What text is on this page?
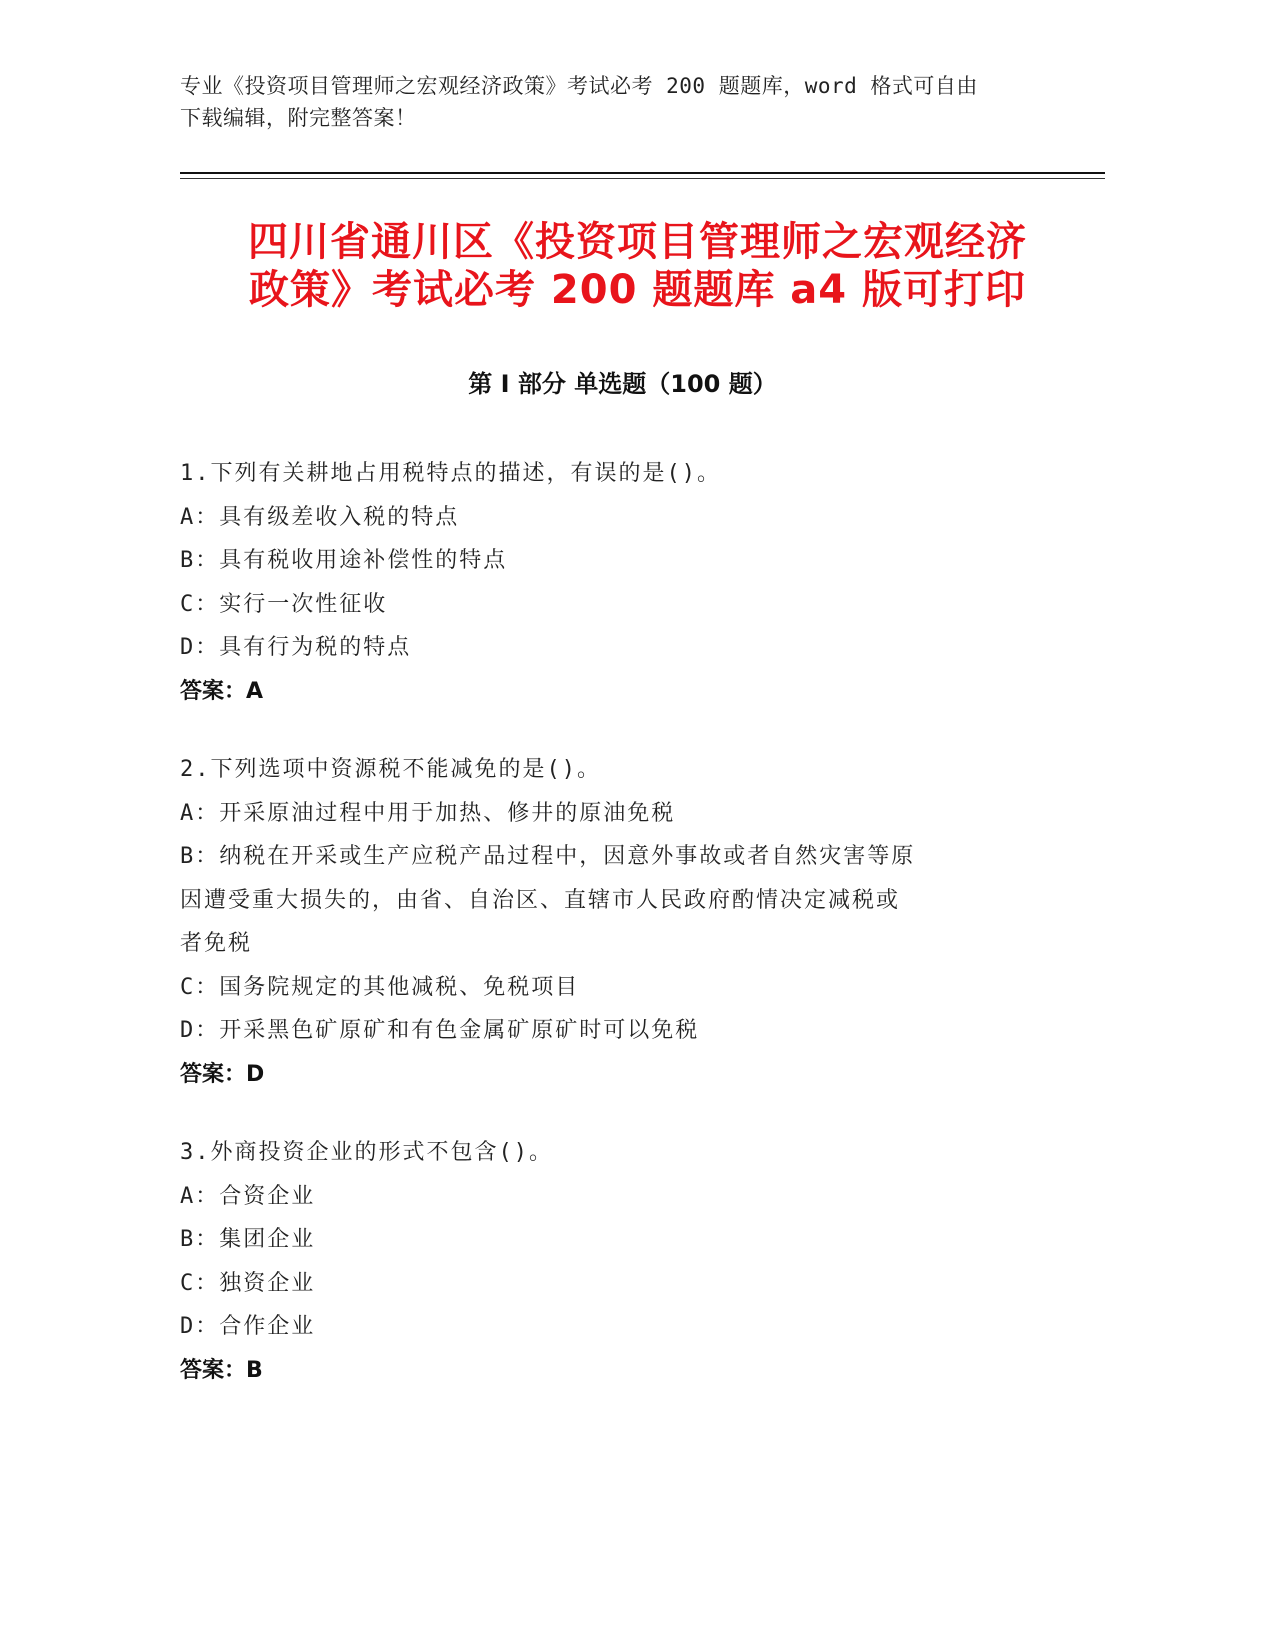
专业《投资项目管理师之宏观经济政策》考试必考 200 题题库，word 格式可自由
下载编辑，附完整答案！
四川省通川区《投资项目管理师之宏观经济
政策》考试必考 200 题题库 a4 版可打印
第 I 部分 单选题（100 题）
1.下列有关耕地占用税特点的描述，有误的是()。
A：具有级差收入税的特点
B：具有税收用途补偿性的特点
C：实行一次性征收
D：具有行为税的特点
答案：A
2.下列选项中资源税不能减免的是()。
A：开采原油过程中用于加热、修井的原油免税
B：纳税在开采或生产应税产品过程中，因意外事故或者自然灾害等原
因遭受重大损失的，由省、自治区、直辖市人民政府酌情决定减税或
者免税
C：国务院规定的其他减税、免税项目
D：开采黑色矿原矿和有色金属矿原矿时可以免税
答案：D
3.外商投资企业的形式不包含()。
A：合资企业
B：集团企业
C：独资企业
D：合作企业
答案：B
